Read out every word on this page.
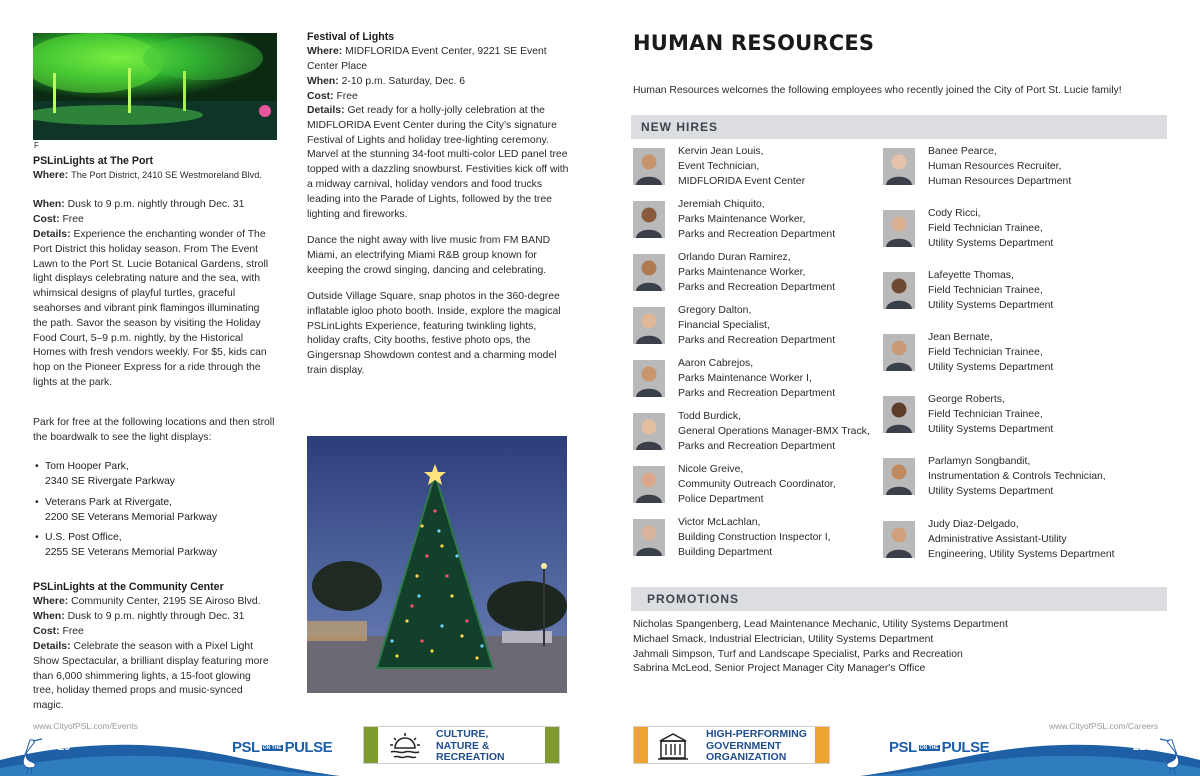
F
PSLinLights at The Port
Where: The Port District, 2410 SE Westmoreland Blvd.
When: Dusk to 9 p.m. nightly through Dec. 31
Cost: Free
Details: Experience the enchanting wonder of The Port District this holiday season. From The Event Lawn to the Port St. Lucie Botanical Gardens, stroll light displays celebrating nature and the sea, with whimsical designs of playful turtles, graceful seahorses and vibrant pink flamingos illuminating the path. Savor the season by visiting the Holiday Food Court, 5–9 p.m. nightly, by the Historical Homes with fresh vendors weekly. For $5, kids can hop on the Pioneer Express for a ride through the lights at the park.
Park for free at the following locations and then stroll the boardwalk to see the light displays:
• Tom Hooper Park,
2340 SE Rivergate Parkway
• Veterans Park at Rivergate,
2200 SE Veterans Memorial Parkway
• U.S. Post Office,
2255 SE Veterans Memorial Parkway
PSLinLights at the Community Center
Where: Community Center, 2195 SE Airoso Blvd.
When: Dusk to 9 p.m. nightly through Dec. 31
Cost: Free
Details: Celebrate the season with a Pixel Light Show Spectacular, a brilliant display featuring more than 6,000 shimmering lights, a 15-foot glowing tree, holiday themed props and music-synced magic.
Festival of Lights
Where: MIDFLORIDA Event Center, 9221 SE Event Center Place
When: 2-10 p.m. Saturday, Dec. 6
Cost: Free
Details: Get ready for a holly-jolly celebration at the MIDFLORIDA Event Center during the City’s signature Festival of Lights and holiday tree-lighting ceremony. Marvel at the stunning 34-foot multi-color LED panel tree topped with a dazzling snowburst. Festivities kick off with a midway carnival, holiday vendors and food trucks leading into the Parade of Lights, followed by the tree lighting and fireworks.
Dance the night away with live music from FM BAND Miami, an electrifying Miami R&B group known for keeping the crowd singing, dancing and celebrating.
Outside Village Square, snap photos in the 360-degree inflatable igloo photo booth. Inside, explore the magical PSLinLights Experience, featuring twinkling lights, holiday crafts, City booths, festive photo ops, the Gingersnap Showdown contest and a charming model train display.
www.CityofPSL.com/Events
20	PSL ON THE PULSE
CULTURE,
NATURE &
RECREATION
HUMAN RESOURCES
Human Resources welcomes the following employees who recently joined the City of Port St. Lucie family!
NEW HIRES
Kervin Jean Louis,
Event Technician,
MIDFLORIDA Event Center
Jeremiah Chiquito,
Parks Maintenance Worker,
Parks and Recreation Department
Orlando Duran Ramirez,
Parks Maintenance Worker,
Parks and Recreation Department
Gregory Dalton,
Financial Specialist,
Parks and Recreation Department
Aaron Cabrejos,
Parks Maintenance Worker I,
Parks and Recreation Department
Todd Burdick,
General Operations Manager-BMX Track,
Parks and Recreation Department
Nicole Greive,
Community Outreach Coordinator,
Police Department
Victor McLachlan,
Building Construction Inspector I,
Building Department
Banee Pearce,
Human Resources Recruiter,
Human Resources Department
Cody Ricci,
Field Technician Trainee,
Utility Systems Department
Lafeyette Thomas,
Field Technician Trainee,
Utility Systems Department
Jean Bernate,
Field Technician Trainee,
Utility Systems Department
George Roberts,
Field Technician Trainee,
Utility Systems Department
Parlamyn Songbandit,
Instrumentation & Controls Technician,
Utility Systems Department
Judy Diaz-Delgado,
Administrative Assistant-Utility
Engineering, Utility Systems Department
PROMOTIONS
Nicholas Spangenberg, Lead Maintenance Mechanic, Utility Systems Department
Michael Smack, Industrial Electrician, Utility Systems Department
Jahmali Simpson, Turf and Landscape Specialist, Parks and Recreation
Sabrina McLeod, Senior Project Manager City Manager's Office
HIGH-PERFORMING
GOVERNMENT
ORGANIZATION
www.CityofPSL.com/Careers
PSL ON THE PULSE	21
